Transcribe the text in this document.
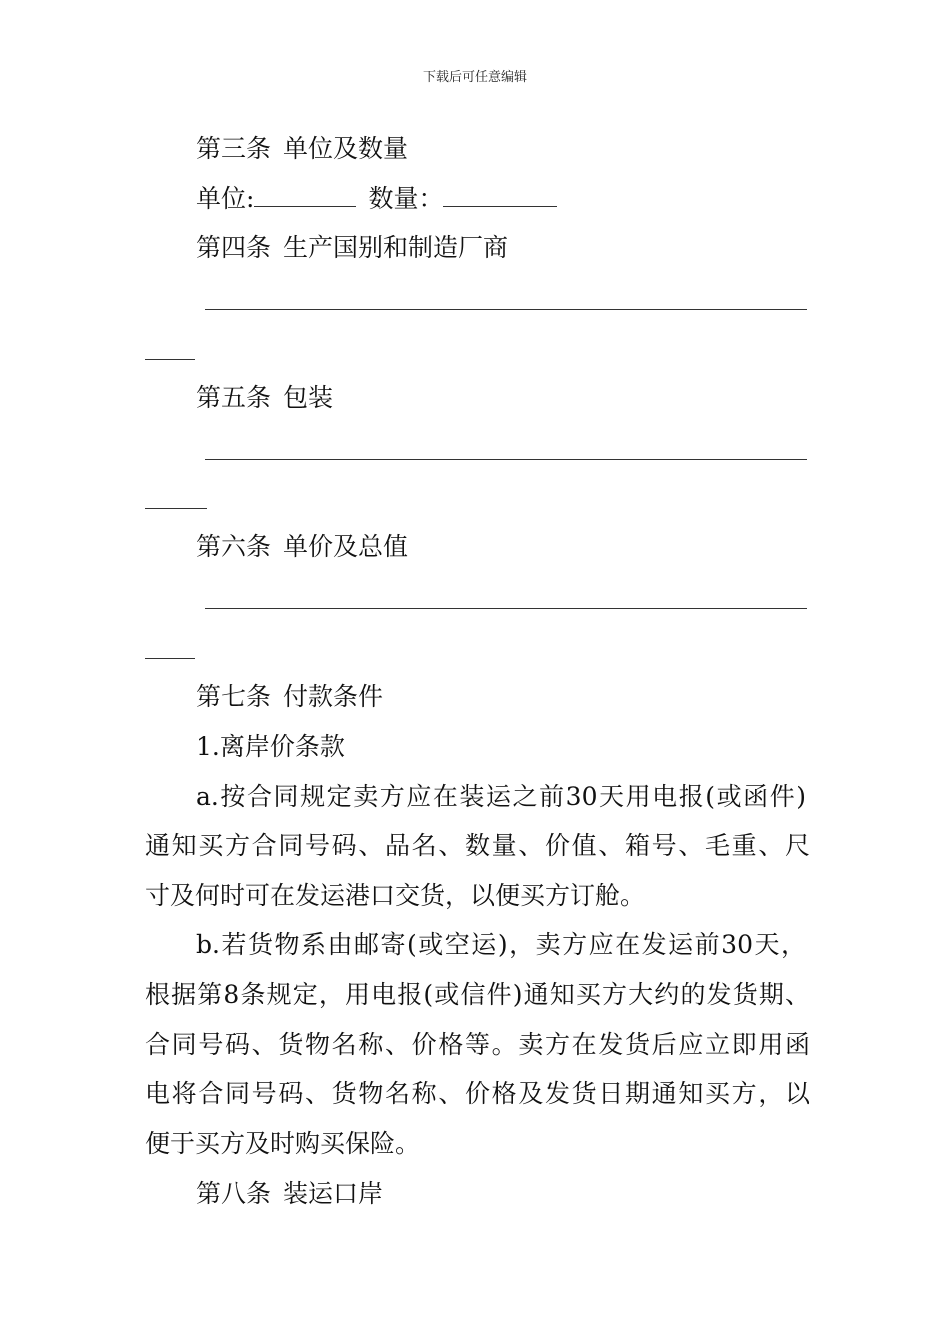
下载后可任意编辑
第三条 单位及数量
单位:	数量：
第四条 生产国别和制造厂商
第五条 包装
第六条 单价及总值
第七条 付款条件
1.离岸价条款
a.按合同规定卖方应在装运之前30天用电报(或函件)
通知买方合同号码、品名、数量、价值、箱号、毛重、尺
寸及何时可在发运港口交货，以便买方订舱。
b.若货物系由邮寄(或空运)，卖方应在发运前30天，
根据第8条规定，用电报(或信件)通知买方大约的发货期、
合同号码、货物名称、价格等。卖方在发货后应立即用函
电将合同号码、货物名称、价格及发货日期通知买方，以
便于买方及时购买保险。
第八条 装运口岸
